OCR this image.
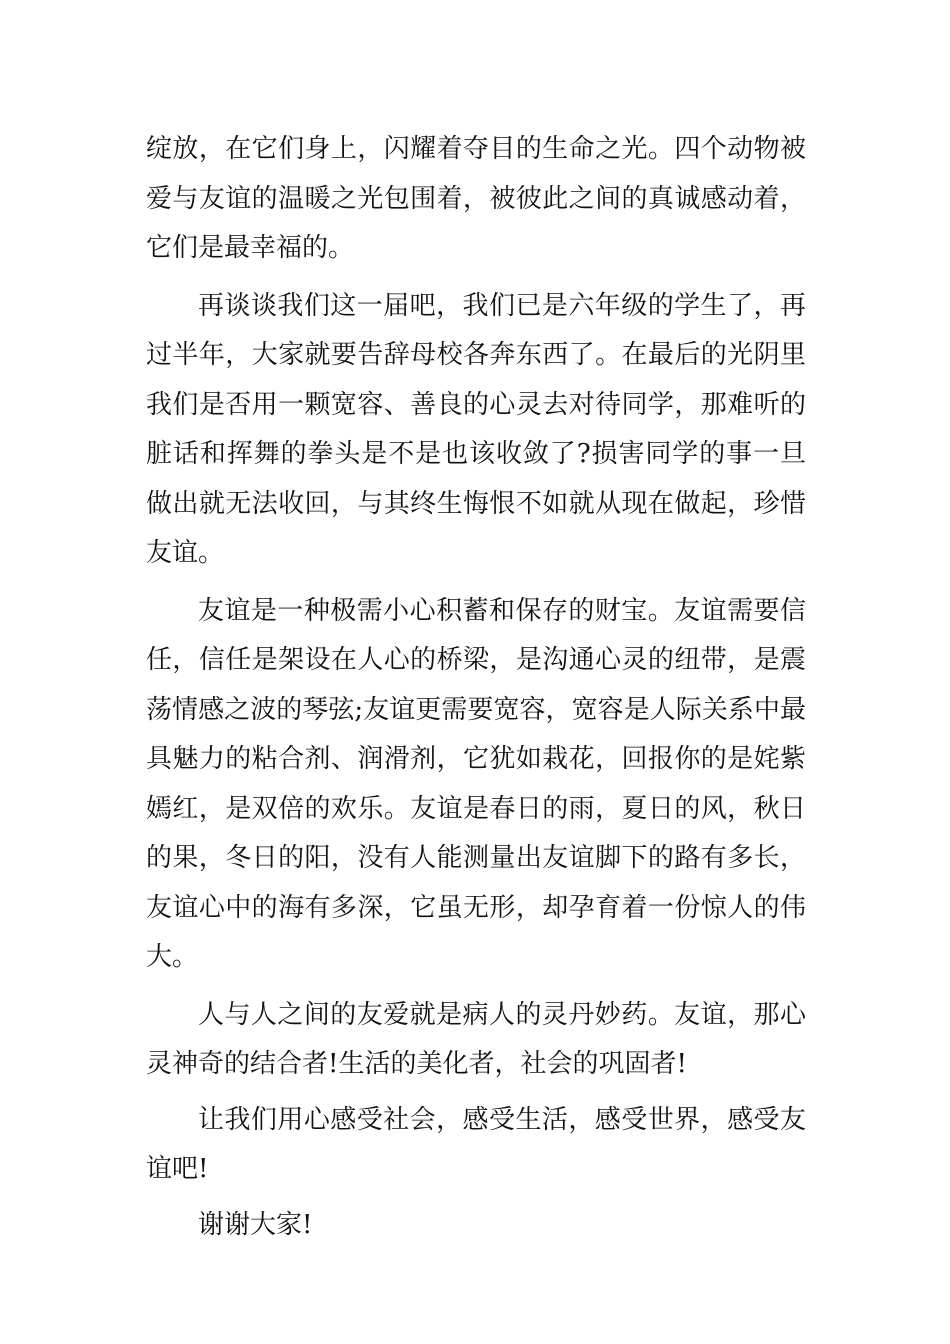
绽放，在它们身上，闪耀着夺目的生命之光。四个动物被爱与友谊的温暖之光包围着，被彼此之间的真诚感动着，它们是最幸福的。

再谈谈我们这一届吧，我们已是六年级的学生了，再过半年，大家就要告辞母校各奔东西了。在最后的光阴里我们是否用一颗宽容、善良的心灵去对待同学，那难听的脏话和挥舞的拳头是不是也该收敛了?损害同学的事一旦做出就无法收回，与其终生悔恨不如就从现在做起，珍惜友谊。

友谊是一种极需小心积蓄和保存的财宝。友谊需要信任，信任是架设在人心的桥梁，是沟通心灵的纽带，是震荡情感之波的琴弦;友谊更需要宽容，宽容是人际关系中最具魅力的粘合剂、润滑剂，它犹如栽花，回报你的是姹紫嫣红，是双倍的欢乐。友谊是春日的雨，夏日的风，秋日的果，冬日的阳，没有人能测量出友谊脚下的路有多长，友谊心中的海有多深，它虽无形，却孕育着一份惊人的伟大。

人与人之间的友爱就是病人的灵丹妙药。友谊，那心灵神奇的结合者!生活的美化者，社会的巩固者!

让我们用心感受社会，感受生活，感受世界，感受友谊吧!

谢谢大家!
